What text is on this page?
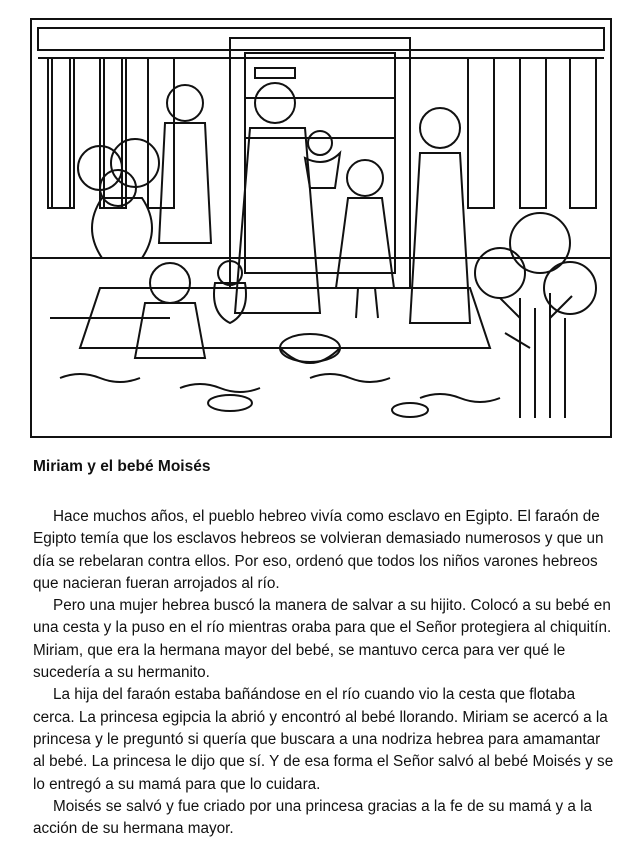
Miriam y el bebé Moisés

Hace muchos años, el pueblo hebreo vivía como esclavo en Egipto. El faraón de Egipto temía que los esclavos hebreos se volvieran demasiado numerosos y que un día se rebelaran contra ellos. Por eso, ordenó que todos los niños varones hebreos que nacieran fueran arrojados al río.

Pero una mujer hebrea buscó la manera de salvar a su hijito. Colocó a su bebé en una cesta y la puso en el río mientras oraba para que el Señor protegiera al chiquitín. Miriam, que era la hermana mayor del bebé, se mantuvo cerca para ver qué le sucedería a su hermanito.

La hija del faraón estaba bañándose en el río cuando vio la cesta que flotaba cerca. La princesa egipcia la abrió y encontró al bebé llorando. Miriam se acercó a la princesa y le preguntó si quería que buscara a una nodriza hebrea para amamantar al bebé. La princesa le dijo que sí. Y de esa forma el Señor salvó al bebé Moisés y se lo entregó a su mamá para que lo cuidara.

Moisés se salvó y fue criado por una princesa gracias a la fe de su mamá y a la acción de su hermana mayor.
